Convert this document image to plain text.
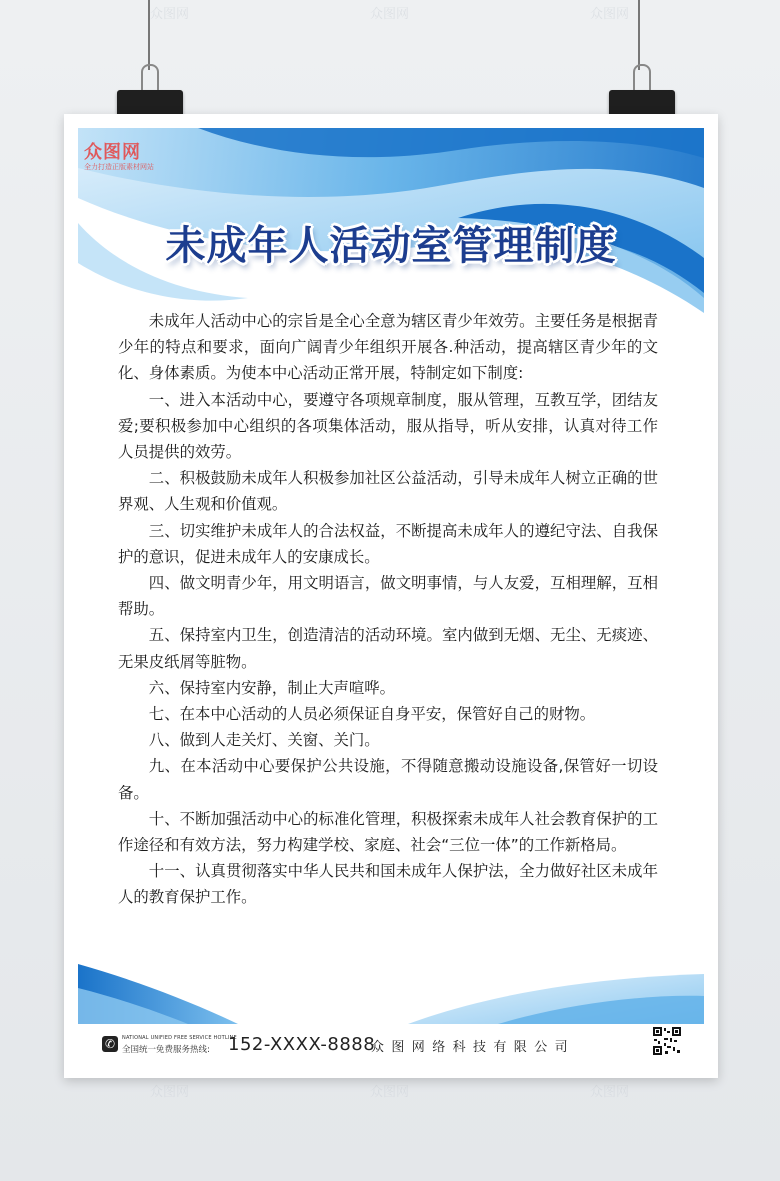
众图网	众图网	众图网
众图网	众图网	众图网
众图网
全力打造正版素材网站
未成年人活动室管理制度

未成年人活动中心的宗旨是全心全意为辖区青少年效劳。主要任务是根据青少年的特点和要求，面向广阔青少年组织开展各.种活动，提高辖区青少年的文化、身体素质。为使本中心活动正常开展，特制定如下制度:

一、进入本活动中心，要遵守各项规章制度，服从管理，互教互学，团结友爱;要积极参加中心组织的各项集体活动，服从指导，听从安排，认真对待工作人员提供的效劳。

二、积极鼓励未成年人积极参加社区公益活动，引导未成年人树立正确的世界观、人生观和价值观。

三、切实维护未成年人的合法权益，不断提高未成年人的遵纪守法、自我保护的意识，促进未成年人的安康成长。

四、做文明青少年，用文明语言，做文明事情，与人友爱，互相理解，互相帮助。

五、保持室内卫生，创造清洁的活动环境。室内做到无烟、无尘、无痰迹、无果皮纸屑等脏物。

六、保持室内安静，制止大声喧哗。

七、在本中心活动的人员必须保证自身平安，保管好自己的财物。

八、做到人走关灯、关窗、关门。

九、在本活动中心要保护公共设施，不得随意搬动设施设备,保管好一切设备。

十、不断加强活动中心的标准化管理，积极探索未成年人社会教育保护的工作途径和有效方法，努力构建学校、家庭、社会“三位一体”的工作新格局。

十一、认真贯彻落实中华人民共和国未成年人保护法，全力做好社区未成年人的教育保护工作。

✆	NATIONAL UNIFIED FREE SERVICE HOTLINE
全国统一免费服务热线: 152-XXXX-8888
众图网络科技有限公司
